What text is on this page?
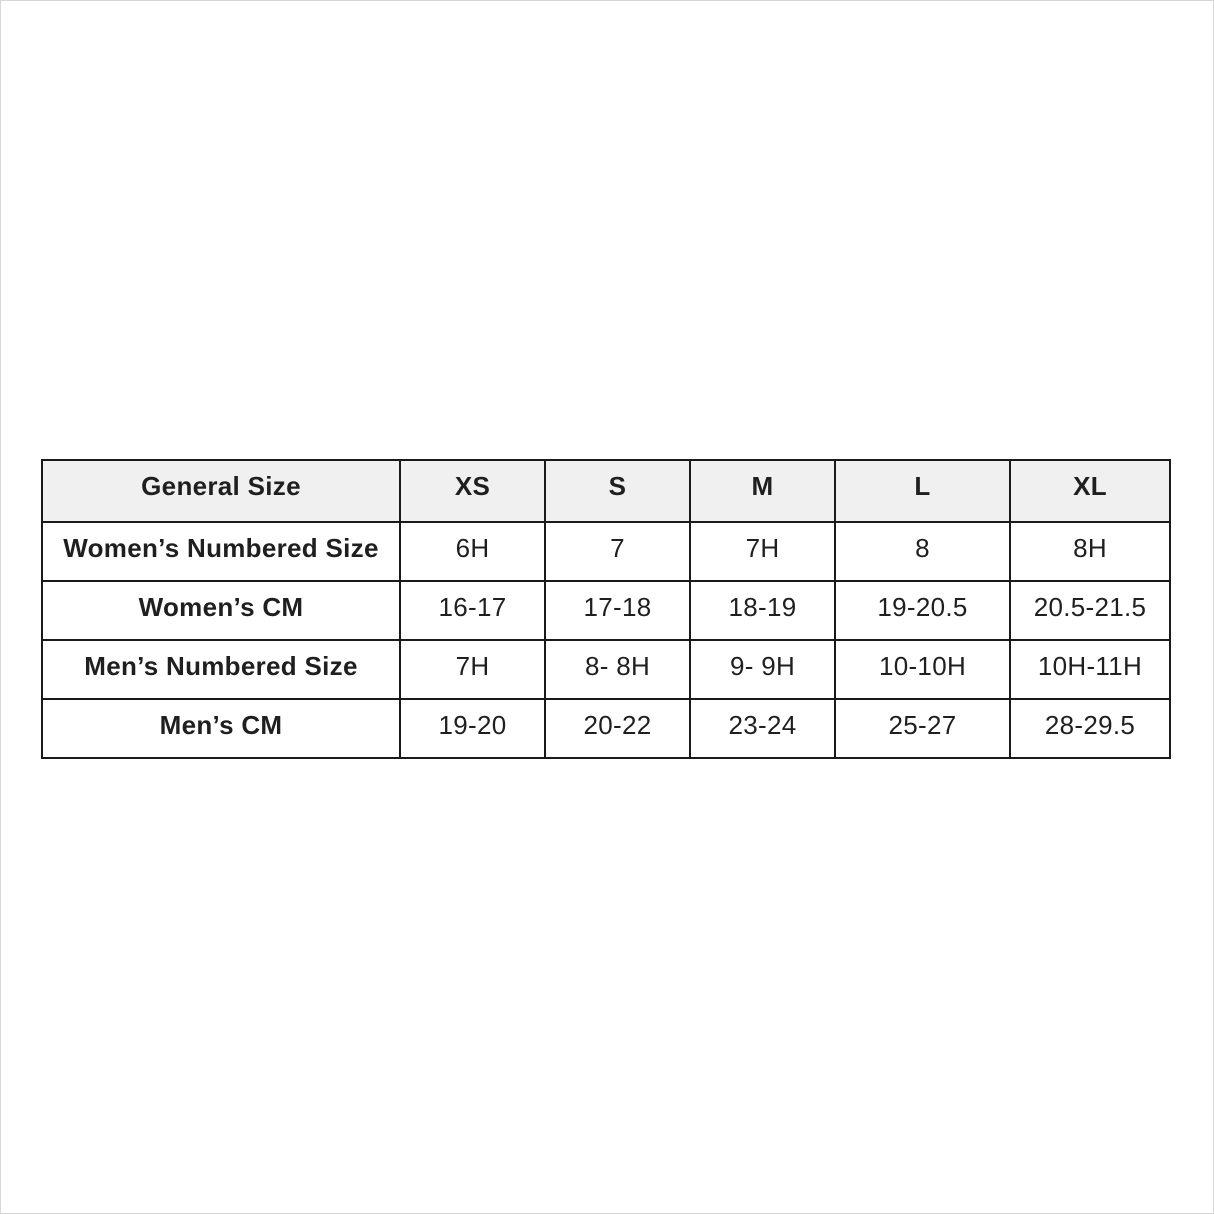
General Size	XS	S	M	L	XL
Women’s Numbered Size	6H	7	7H	8	8H
Women’s CM	16-17	17-18	18-19	19-20.5	20.5-21.5
Men’s Numbered Size	7H	8- 8H	9- 9H	10-10H	10H-11H
Men’s CM	19-20	20-22	23-24	25-27	28-29.5
